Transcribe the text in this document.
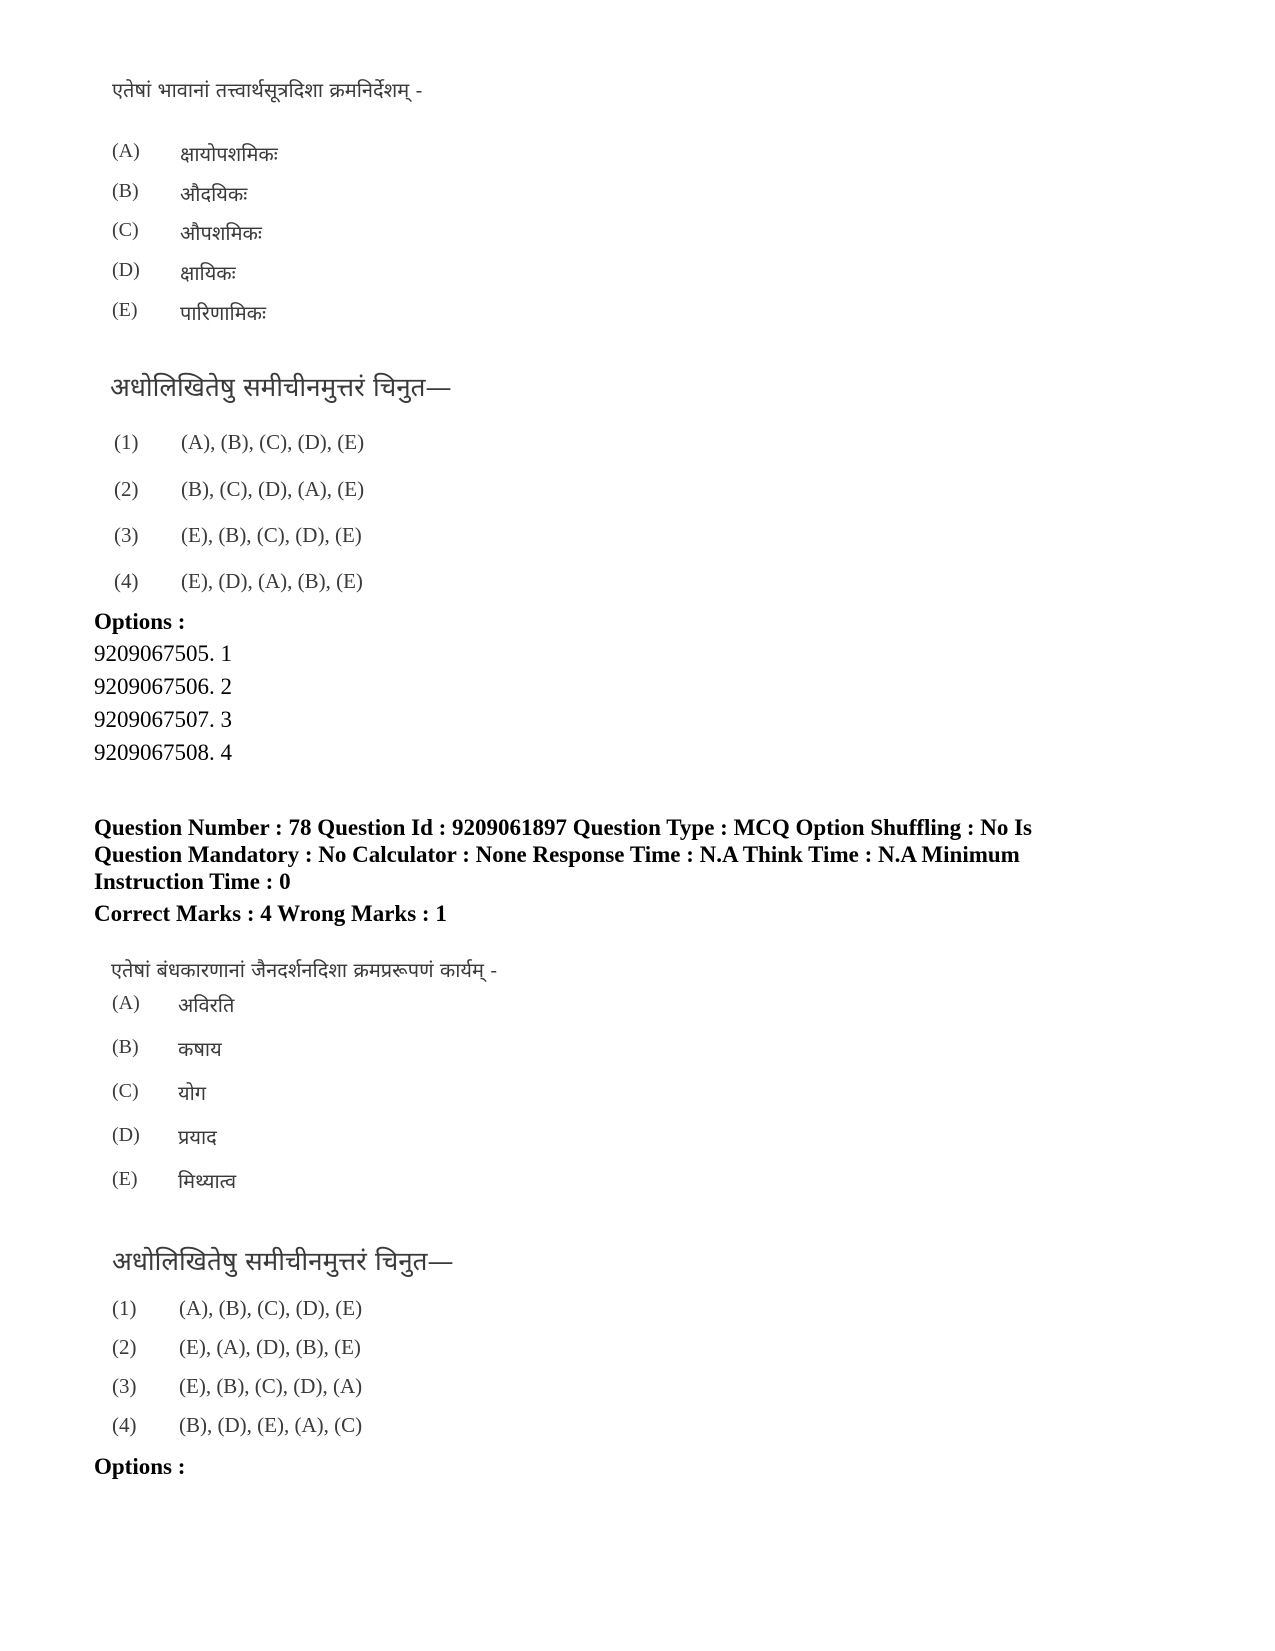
एतेषां भावानां तत्त्वार्थसूत्रदिशा क्रमनिर्देशम् -
(A) क्षायोपशमिकः
(B) औदयिकः
(C) औपशमिकः
(D) क्षायिकः
(E) पारिणामिकः
अधोलिखितेषु समीचीनमुत्तरं चिनुत—
(1) (A), (B), (C), (D), (E)
(2) (B), (C), (D), (A), (E)
(3) (E), (B), (C), (D), (E)
(4) (E), (D), (A), (B), (E)
Options :
9209067505. 1
9209067506. 2
9209067507. 3
9209067508. 4
Question Number : 78 Question Id : 9209061897 Question Type : MCQ Option Shuffling : No Is
Question Mandatory : No Calculator : None Response Time : N.A Think Time : N.A Minimum
Instruction Time : 0
Correct Marks : 4 Wrong Marks : 1
एतेषां बंधकारणानां जैनदर्शनदिशा क्रमप्ररूपणं कार्यम् -
(A) अविरति
(B) कषाय
(C) योग
(D) प्रयाद
(E) मिथ्यात्व
अधोलिखितेषु समीचीनमुत्तरं चिनुत—
(1) (A), (B), (C), (D), (E)
(2) (E), (A), (D), (B), (E)
(3) (E), (B), (C), (D), (A)
(4) (B), (D), (E), (A), (C)
Options :
